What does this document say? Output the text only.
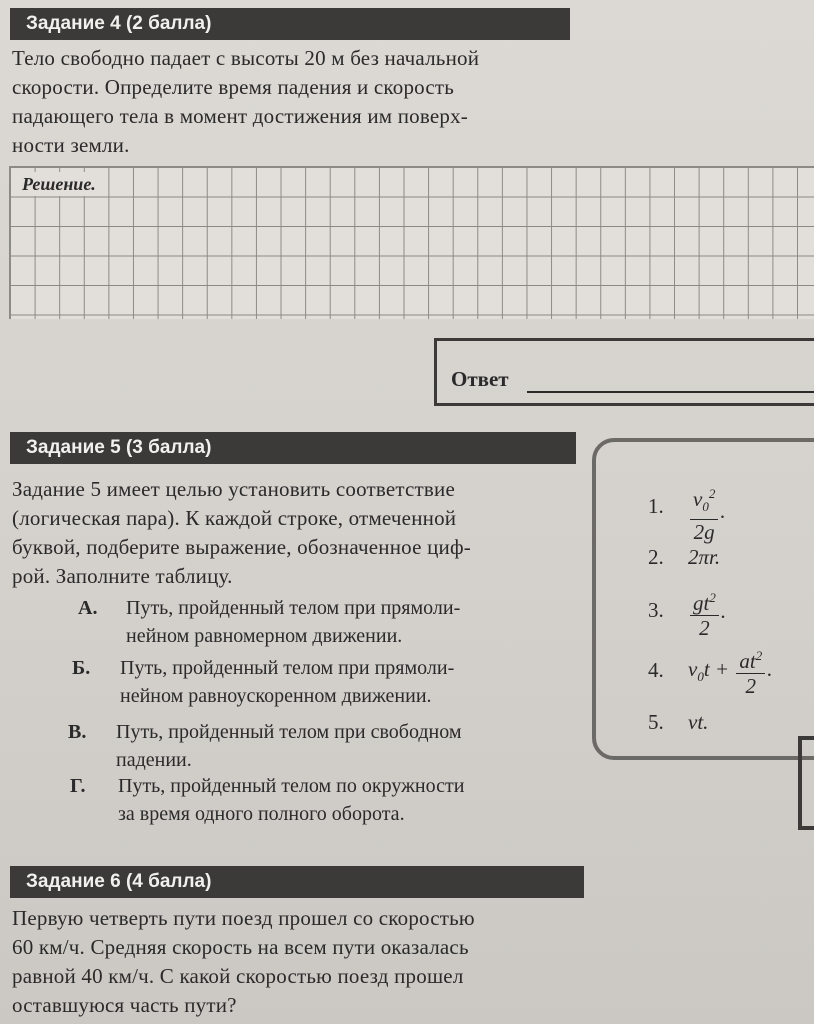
Задание 4 (2 балла)
Тело свободно падает с высоты 20 м без начальной
скорости. Определите время падения и скорость
падающего тела в момент достижения им поверх-
ности земли.
Решение.
Ответ
Задание 5 (3 балла)
Задание 5 имеет целью установить соответствие
(логическая пара). К каждой строке, отмеченной
буквой, подберите выражение, обозначенное циф-
рой. Заполните таблицу.
А. Путь, пройденный телом при прямоли-
нейном равномерном движении.
Б. Путь, пройденный телом при прямоли-
нейном равноускоренном движении.
В. Путь, пройденный телом при свободном
падении.
Г. Путь, пройденный телом по окружности
за время одного полного оборота.
1. $\frac{v_0^2}{2g}$ .
2. 2πr.
3. $\frac{gt^2}{2}$ .
4. $v_0t + \frac{at^2}{2}$ .
5. vt.
Задание 6 (4 балла)
Первую четверть пути поезд прошел со скоростью
60 км/ч. Средняя скорость на всем пути оказалась
равной 40 км/ч. С какой скоростью поезд прошел
оставшуюся часть пути?
